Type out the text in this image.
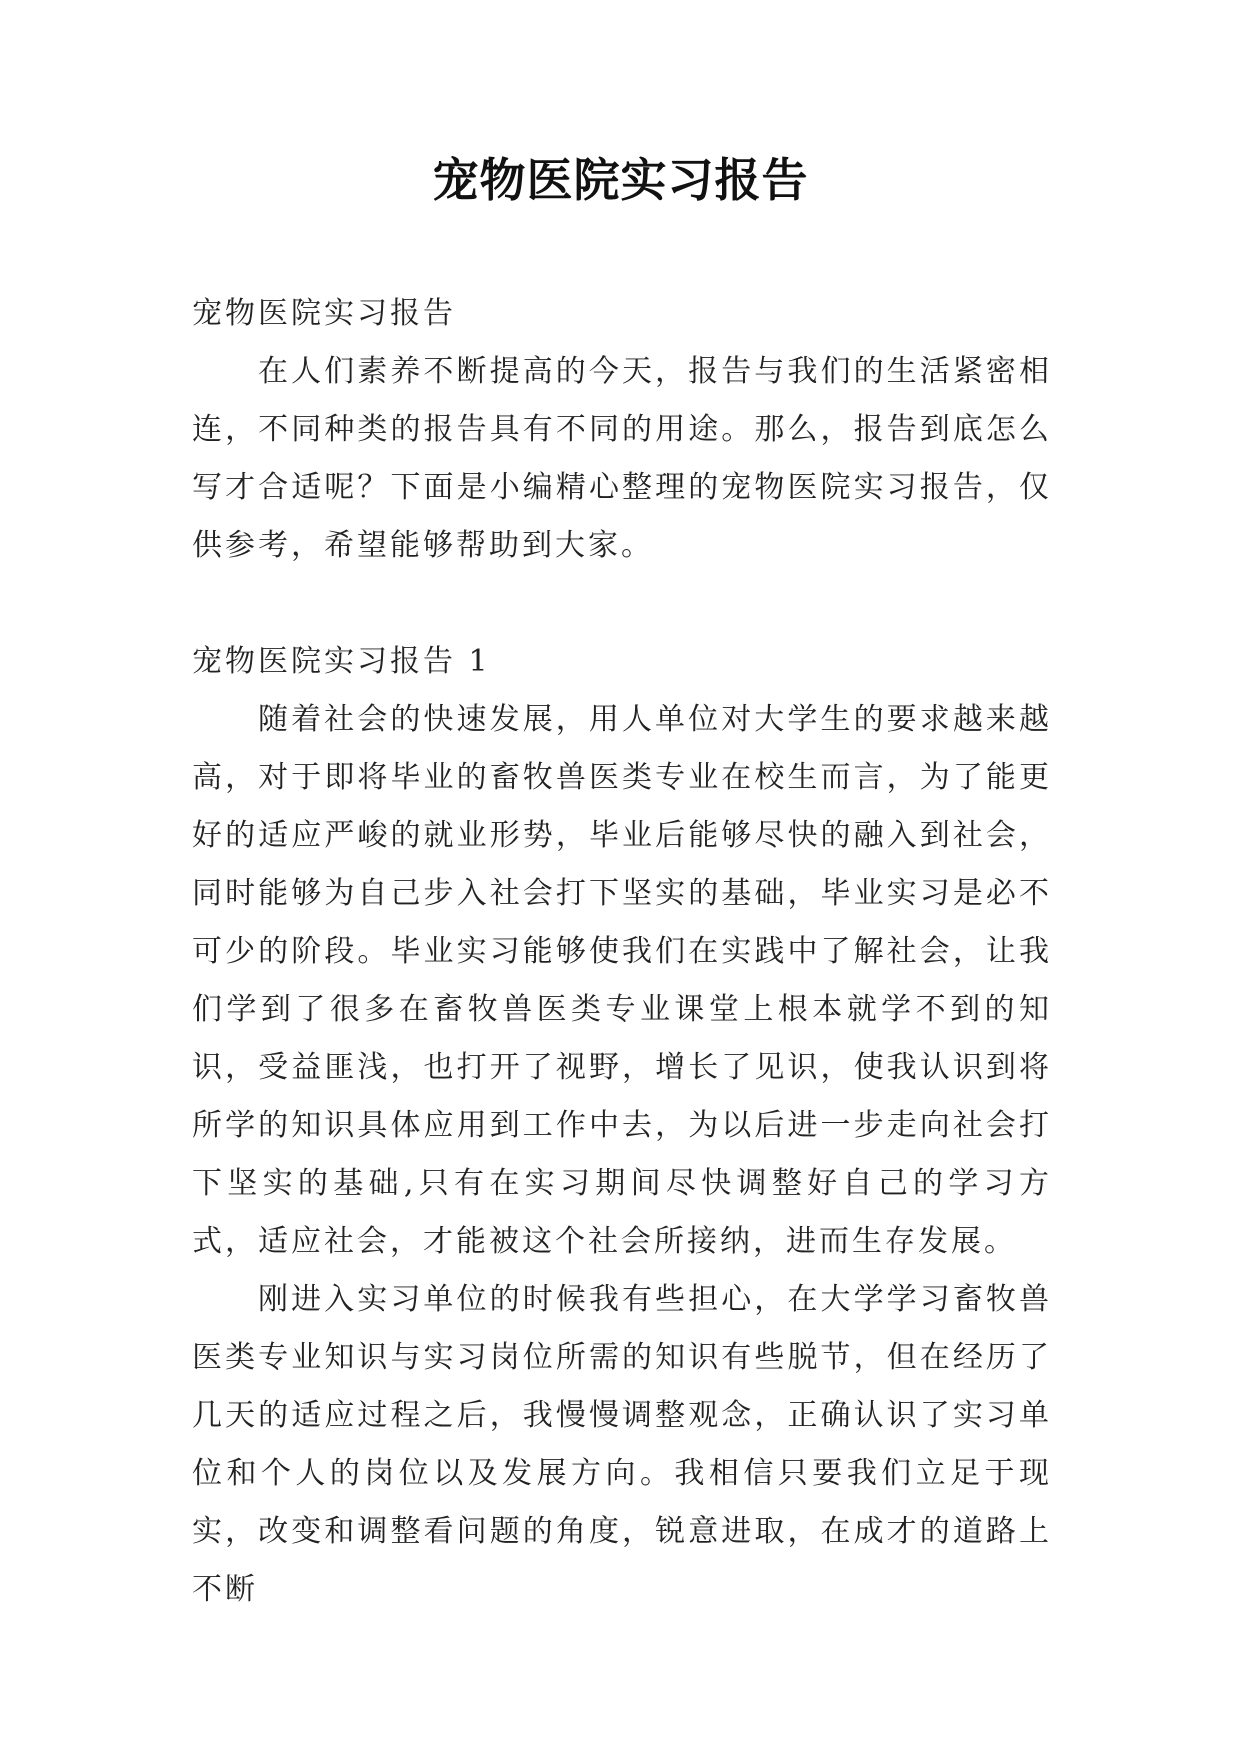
宠物医院实习报告

宠物医院实习报告

在人们素养不断提高的今天，报告与我们的生活紧密相连，不同种类的报告具有不同的用途。那么，报告到底怎么写才合适呢？下面是小编精心整理的宠物医院实习报告，仅供参考，希望能够帮助到大家。

宠物医院实习报告 1

随着社会的快速发展，用人单位对大学生的要求越来越高，对于即将毕业的畜牧兽医类专业在校生而言，为了能更好的适应严峻的就业形势，毕业后能够尽快的融入到社会，同时能够为自己步入社会打下坚实的基础，毕业实习是必不可少的阶段。毕业实习能够使我们在实践中了解社会，让我们学到了很多在畜牧兽医类专业课堂上根本就学不到的知识，受益匪浅，也打开了视野，增长了见识，使我认识到将所学的知识具体应用到工作中去，为以后进一步走向社会打下坚实的基础,只有在实习期间尽快调整好自己的学习方式，适应社会，才能被这个社会所接纳，进而生存发展。

刚进入实习单位的时候我有些担心，在大学学习畜牧兽医类专业知识与实习岗位所需的知识有些脱节，但在经历了几天的适应过程之后，我慢慢调整观念，正确认识了实习单位和个人的岗位以及发展方向。我相信只要我们立足于现实，改变和调整看问题的角度，锐意进取，在成才的道路上不断
